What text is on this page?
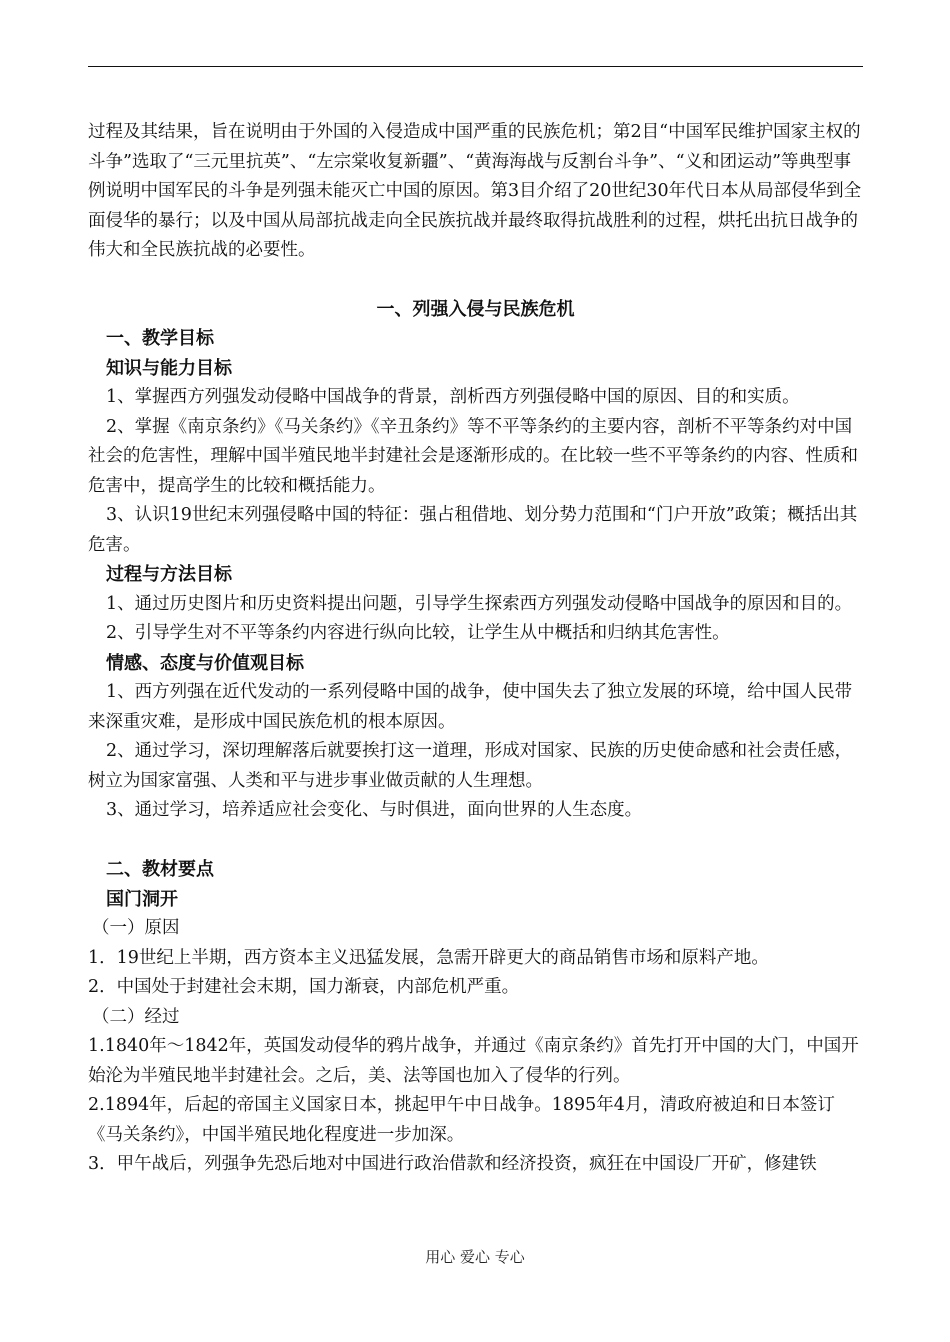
过程及其结果，旨在说明由于外国的入侵造成中国严重的民族危机；第2目“中国军民维护国家主权的斗争”选取了“三元里抗英”、“左宗棠收复新疆”、“黄海海战与反割台斗争”、“义和团运动”等典型事例说明中国军民的斗争是列强未能灭亡中国的原因。第3目介绍了20世纪30年代日本从局部侵华到全面侵华的暴行；以及中国从局部抗战走向全民族抗战并最终取得抗战胜利的过程，烘托出抗日战争的伟大和全民族抗战的必要性。

一、列强入侵与民族危机

一、教学目标

知识与能力目标

1、掌握西方列强发动侵略中国战争的背景，剖析西方列强侵略中国的原因、目的和实质。

2、掌握《南京条约》《马关条约》《辛丑条约》等不平等条约的主要内容，剖析不平等条约对中国社会的危害性，理解中国半殖民地半封建社会是逐渐形成的。在比较一些不平等条约的内容、性质和危害中，提高学生的比较和概括能力。

3、认识19世纪末列强侵略中国的特征：强占租借地、划分势力范围和“门户开放”政策；概括出其危害。

过程与方法目标

1、通过历史图片和历史资料提出问题，引导学生探索西方列强发动侵略中国战争的原因和目的。

2、引导学生对不平等条约内容进行纵向比较，让学生从中概括和归纳其危害性。

情感、态度与价值观目标

1、西方列强在近代发动的一系列侵略中国的战争，使中国失去了独立发展的环境，给中国人民带来深重灾难，是形成中国民族危机的根本原因。

2、通过学习，深切理解落后就要挨打这一道理，形成对国家、民族的历史使命感和社会责任感，树立为国家富强、人类和平与进步事业做贡献的人生理想。

3、通过学习，培养适应社会变化、与时俱进，面向世界的人生态度。

二、教材要点

国门洞开

（一）原因

1．19世纪上半期，西方资本主义迅猛发展，急需开辟更大的商品销售市场和原料产地。

2．中国处于封建社会末期，国力渐衰，内部危机严重。

（二）经过

1.1840年～1842年，英国发动侵华的鸦片战争，并通过《南京条约》首先打开中国的大门，中国开始沦为半殖民地半封建社会。之后，美、法等国也加入了侵华的行列。

2.1894年，后起的帝国主义国家日本，挑起甲午中日战争。1895年4月，清政府被迫和日本签订《马关条约》，中国半殖民地化程度进一步加深。

3．甲午战后，列强争先恐后地对中国进行政治借款和经济投资，疯狂在中国设厂开矿，修建铁

用心 爱心 专心
